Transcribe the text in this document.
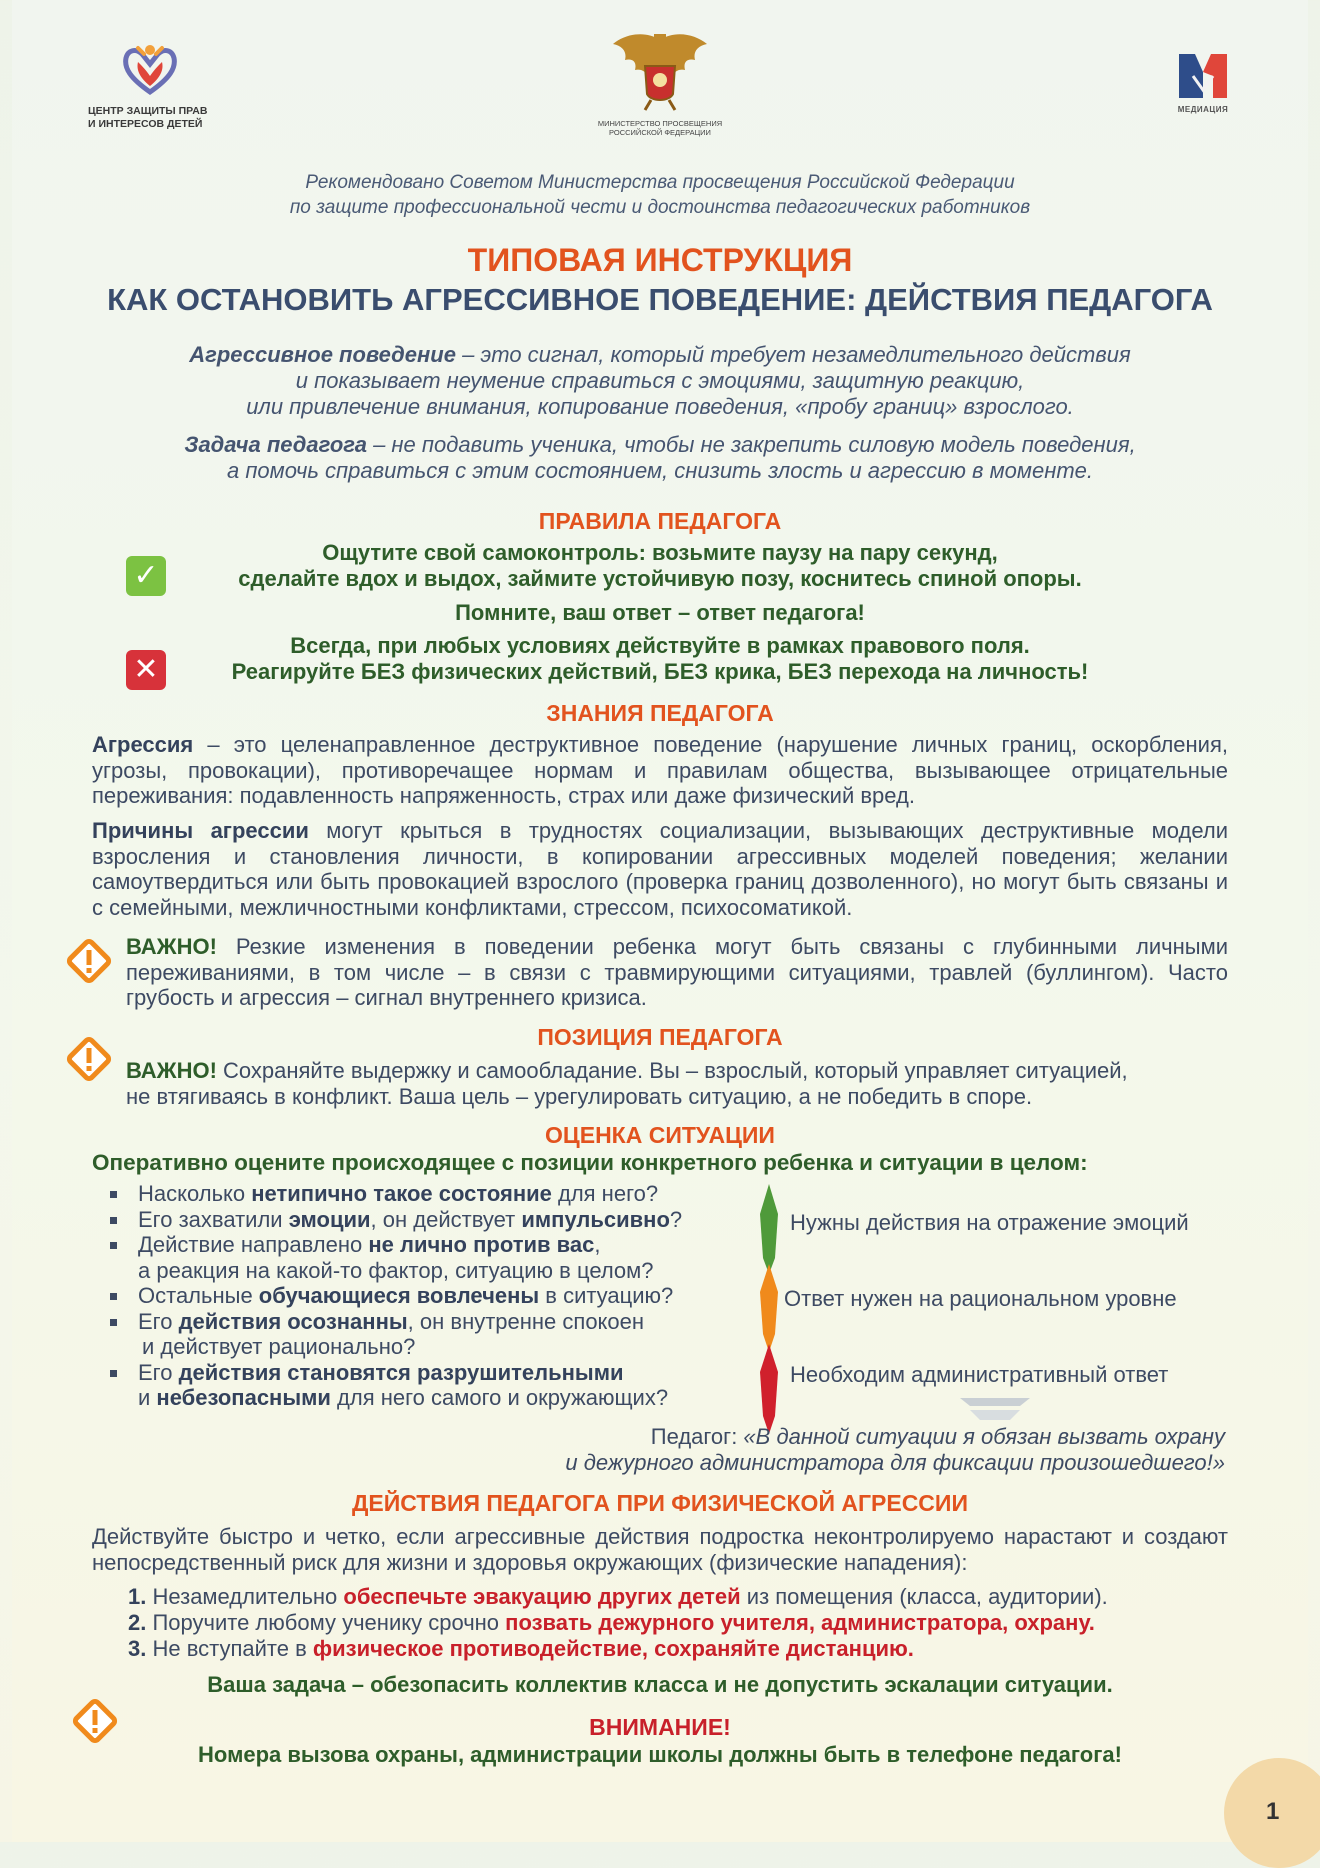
ЦЕНТР ЗАЩИТЫ ПРАВ
И ИНТЕРЕСОВ ДЕТЕЙ	МИНИСТЕРСТВО ПРОСВЕЩЕНИЯ
РОССИЙСКОЙ ФЕДЕРАЦИИ
МЕДИАЦИЯ
Рекомендовано Советом Министерства просвещения Российской Федерации
по защите профессиональной чести и достоинства педагогических работников
ТИПОВАЯ ИНСТРУКЦИЯ
КАК ОСТАНОВИТЬ АГРЕССИВНОЕ ПОВЕДЕНИЕ: ДЕЙСТВИЯ ПЕДАГОГА
Агрессивное поведение – это сигнал, который требует незамедлительного действия
и показывает неумение справиться с эмоциями, защитную реакцию,
или привлечение внимания, копирование поведения, «пробу границ» взрослого.
Задача педагога – не подавить ученика, чтобы не закрепить силовую модель поведения,
а помочь справиться с этим состоянием, снизить злость и агрессию в моменте.
ПРАВИЛА ПЕДАГОГА
✓
Ощутите свой самоконтроль: возьмите паузу на пару секунд,
сделайте вдох и выдох, займите устойчивую позу, коснитесь спиной опоры.
Помните, ваш ответ – ответ педагога!
✕
Всегда, при любых условиях действуйте в рамках правового поля.
Реагируйте БЕЗ физических действий, БЕЗ крика, БЕЗ перехода на личность!
ЗНАНИЯ ПЕДАГОГА
Агрессия – это целенаправленное деструктивное поведение (нарушение личных границ, оскорбления, угрозы, провокации), противоречащее нормам и правилам общества, вызывающее отрицательные переживания: подавленность напряженность, страх или даже физический вред.
Причины агрессии могут крыться в трудностях социализации, вызывающих деструктивные модели взросления и становления личности, в копировании агрессивных моделей поведения; желании самоутвердиться или быть провокацией взрослого (проверка границ дозволенного), но могут быть связаны и с семейными, межличностными конфликтами, стрессом, психосоматикой.
ВАЖНО! Резкие изменения в поведении ребенка могут быть связаны с глубинными личными переживаниями, в том числе – в связи с травмирующими ситуациями, травлей (буллингом). Часто грубость и агрессия – сигнал внутреннего кризиса.
ПОЗИЦИЯ ПЕДАГОГА
ВАЖНО! Сохраняйте выдержку и самообладание. Вы – взрослый, который управляет ситуацией,
не втягиваясь в конфликт. Ваша цель – урегулировать ситуацию, а не победить в споре.
ОЦЕНКА СИТУАЦИИ
Оперативно оцените происходящее с позиции конкретного ребенка и ситуации в целом:
Насколько нетипично такое состояние для него?
Его захватили эмоции, он действует импульсивно?
Действие направлено не лично против вас,
а реакция на какой-то фактор, ситуацию в целом?
Остальные обучающиеся вовлечены в ситуацию?
Его действия осознанны, он внутренне спокоен
и действует рационально?
Его действия становятся разрушительными
и небезопасными для него самого и окружающих?
Нужны действия на отражение эмоций
Ответ нужен на рациональном уровне
Необходим административный ответ
Педагог: «В данной ситуации я обязан вызвать охрану
и дежурного администратора для фиксации произошедшего!»
ДЕЙСТВИЯ ПЕДАГОГА ПРИ ФИЗИЧЕСКОЙ АГРЕССИИ
Действуйте быстро и четко, если агрессивные действия подростка неконтролируемо нарастают и создают непосредственный риск для жизни и здоровья окружающих (физические нападения):
1. Незамедлительно обеспечьте эвакуацию других детей из помещения (класса, аудитории).
2. Поручите любому ученику срочно позвать дежурного учителя, администратора, охрану.
3. Не вступайте в физическое противодействие, сохраняйте дистанцию.
Ваша задача – обезопасить коллектив класса и не допустить эскалации ситуации.
ВНИМАНИЕ!
Номера вызова охраны, администрации школы должны быть в телефоне педагога!
1
